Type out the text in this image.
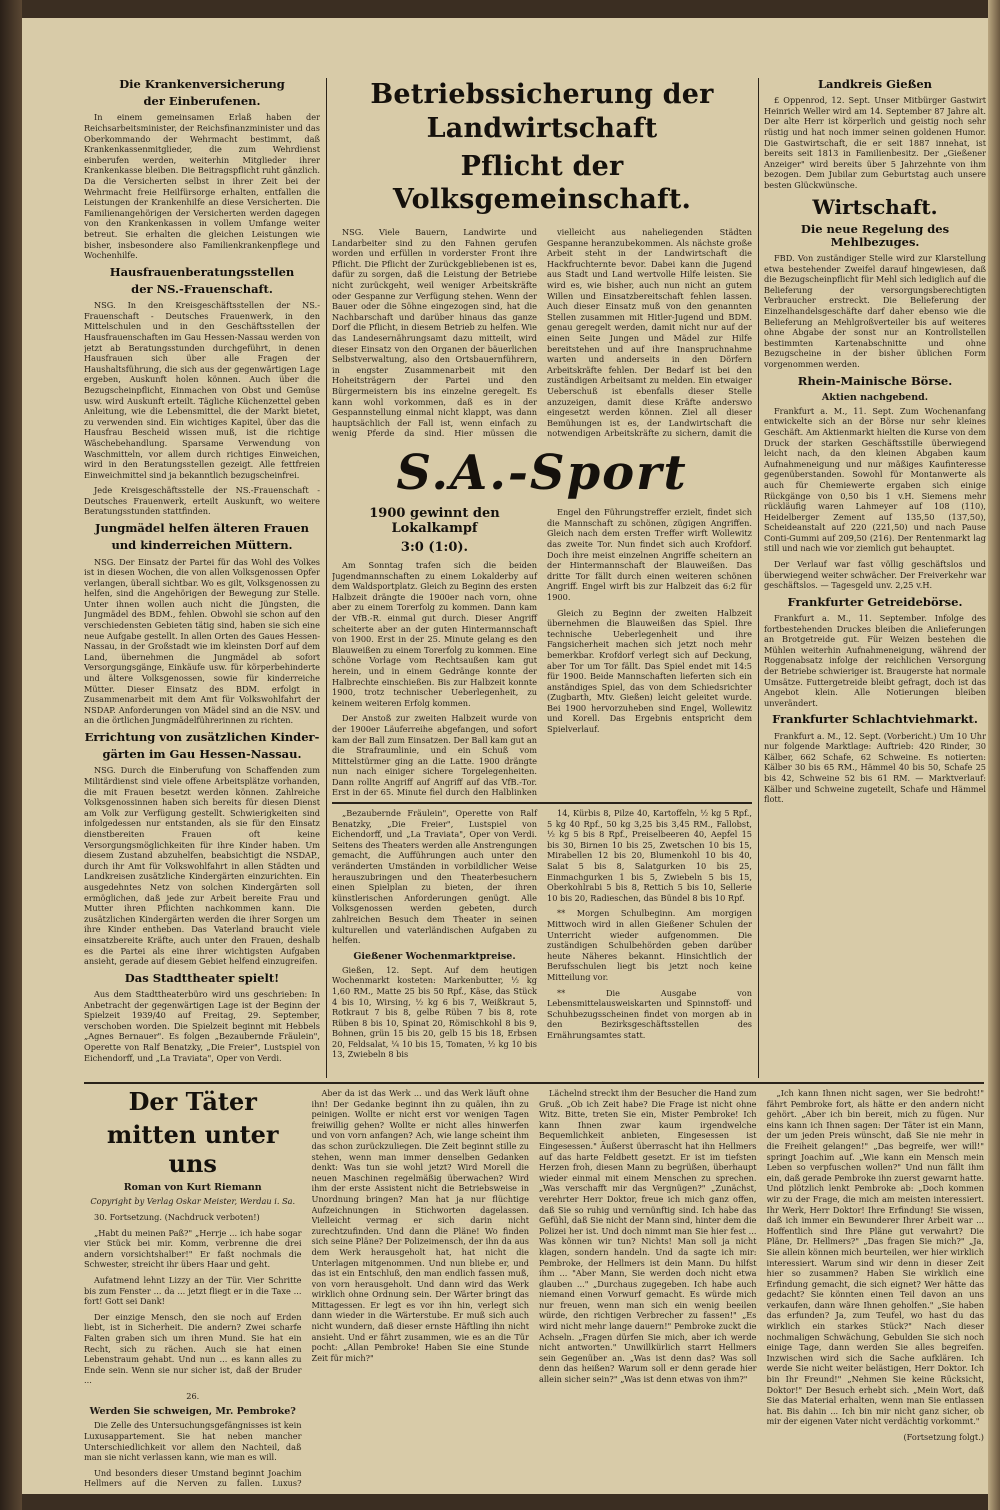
Die Krankenversicherung
der Einberufenen.

In einem gemeinsamen Erlaß haben der Reichsarbeitsminister, der Reichsfinanzminister und das Oberkommando der Wehrmacht bestimmt, daß Krankenkassenmitglieder, die zum Wehrdienst einberufen werden, weiterhin Mitglieder ihrer Krankenkasse bleiben. Die Beitragspflicht ruht gänzlich. Da die Versicherten selbst in ihrer Zeit bei der Wehrmacht freie Heilfürsorge erhalten, entfallen die Leistungen der Krankenhilfe an diese Versicherten. Die Familienangehörigen der Versicherten werden dagegen von den Krankenkassen in vollem Umfange weiter betreut. Sie erhalten die gleichen Leistungen wie bisher, insbesondere also Familienkrankenpflege und Wochenhilfe.

Hausfrauenberatungsstellen
der NS.-Frauenschaft.

NSG. In den Kreisgeschäftsstellen der NS.-Frauenschaft - Deutsches Frauenwerk, in den Mittelschulen und in den Geschäftsstellen der Hausfrauenschaften im Gau Hessen-Nassau werden von jetzt ab Beratungsstunden durchgeführt, in denen Hausfrauen sich über alle Fragen der Haushaltsführung, die sich aus der gegenwärtigen Lage ergeben, Auskunft holen können. Auch über die Bezugscheinpflicht, Einmachen von Obst und Gemüse usw. wird Auskunft erteilt. Tägliche Küchenzettel geben Anleitung, wie die Lebensmittel, die der Markt bietet, zu verwenden sind. Ein wichtiges Kapitel, über das die Hausfrau Bescheid wissen muß, ist die richtige Wäschebehandlung. Sparsame Verwendung von Waschmitteln, vor allem durch richtiges Einweichen, wird in den Beratungsstellen gezeigt. Alle fettfreien Einweichmittel sind ja bekanntlich bezugscheinfrei.

Jede Kreisgeschäftsstelle der NS.-Frauenschaft - Deutsches Frauenwerk, erteilt Auskunft, wo weitere Beratungsstunden stattfinden.

Jungmädel helfen älteren Frauen
und kinderreichen Müttern.

NSG. Der Einsatz der Partei für das Wohl des Volkes ist in diesen Wochen, die von allen Volksgenossen Opfer verlangen, überall sichtbar. Wo es gilt, Volksgenossen zu helfen, sind die Angehörigen der Bewegung zur Stelle. Unter ihnen wollen auch nicht die Jüngsten, die Jungmädel des BDM., fehlen. Obwohl sie schon auf den verschiedensten Gebieten tätig sind, haben sie sich eine neue Aufgabe gestellt. In allen Orten des Gaues Hessen-Nassau, in der Großstadt wie im kleinsten Dorf auf dem Land, übernehmen die Jungmädel ab sofort Versorgungsgänge, Einkäufe usw. für körperbehinderte und ältere Volksgenossen, sowie für kinderreiche Mütter. Dieser Einsatz des BDM. erfolgt in Zusammenarbeit mit dem Amt für Volkswohlfahrt der NSDAP. Anforderungen von Mädel sind an die NSV. und an die örtlichen Jungmädelführerinnen zu richten.

Errichtung von zusätzlichen Kinder-
gärten im Gau Hessen-Nassau.

NSG. Durch die Einberufung von Schaffenden zum Militärdienst sind viele offene Arbeitsplätze vorhanden, die mit Frauen besetzt werden können. Zahlreiche Volksgenossinnen haben sich bereits für diesen Dienst am Volk zur Verfügung gestellt. Schwierigkeiten sind infolgedessen nur entstanden, als sie für den Einsatz dienstbereiten Frauen oft keine Versorgungsmöglichkeiten für ihre Kinder haben. Um diesem Zustand abzuhelfen, beabsichtigt die NSDAP., durch ihr Amt für Volkswohlfahrt in allen Städten und Landkreisen zusätzliche Kindergärten einzurichten. Ein ausgedehntes Netz von solchen Kindergärten soll ermöglichen, daß jede zur Arbeit bereite Frau und Mutter ihren Pflichten nachkommen kann. Die zusätzlichen Kindergärten werden die ihrer Sorgen um ihre Kinder entheben. Das Vaterland braucht viele einsatzbereite Kräfte, auch unter den Frauen, deshalb es die Partei als eine ihrer wichtigsten Aufgaben ansieht, gerade auf diesem Gebiet helfend einzugreifen.

Das Stadttheater spielt!

Aus dem Stadttheaterbüro wird uns geschrieben: In Anbetracht der gegenwärtigen Lage ist der Beginn der Spielzeit 1939/40 auf Freitag, 29. September, verschoben worden. Die Spielzeit beginnt mit Hebbels „Agnes Bernauer". Es folgen „Bezaubernde Fräulein", Operette von Ralf Benatzky, „Die Freier", Lustspiel von Eichendorff, und „La Traviata", Oper von Verdi.

Betriebssicherung der Landwirtschaft
Pflicht der Volksgemeinschaft.

NSG. Viele Bauern, Landwirte und Landarbeiter sind zu den Fahnen gerufen worden und erfüllen in vorderster Front ihre Pflicht. Die Pflicht der Zurückgebliebenen ist es, dafür zu sorgen, daß die Leistung der Betriebe nicht zurückgeht, weil weniger Arbeitskräfte oder Gespanne zur Verfügung stehen. Wenn der Bauer oder die Söhne eingezogen sind, hat die Nachbarschaft und darüber hinaus das ganze Dorf die Pflicht, in diesem Betrieb zu helfen. Wie das Landesernährungsamt dazu mitteilt, wird dieser Einsatz von den Organen der bäuerlichen Selbstverwaltung, also den Ortsbauernführern, in engster Zusammenarbeit mit den Hoheitsträgern der Partei und den Bürgermeistern bis ins einzelne geregelt. Es kann wohl vorkommen, daß es in der Gespannstellung einmal nicht klappt, was dann hauptsächlich der Fall ist, wenn einfach zu wenig Pferde da sind. Hier müssen die

vielleicht aus naheliegenden Städten Gespanne heranzubekommen. Als nächste große Arbeit steht in der Landwirtschaft die Hackfruchternte bevor. Dabei kann die Jugend aus Stadt und Land wertvolle Hilfe leisten. Sie wird es, wie bisher, auch nun nicht an gutem Willen und Einsatzbereitschaft fehlen lassen. Auch dieser Einsatz muß von den genannten Stellen zusammen mit Hitler-Jugend und BDM. genau geregelt werden, damit nicht nur auf der einen Seite Jungen und Mädel zur Hilfe bereitstehen und auf ihre Inanspruchnahme warten und anderseits in den Dörfern Arbeitskräfte fehlen. Der Bedarf ist bei den zuständigen Arbeitsamt zu melden. Ein etwaiger Ueberschuß ist ebenfalls dieser Stelle anzuzeigen, damit diese Kräfte anderswo eingesetzt werden können. Ziel all dieser Bemühungen ist es, der Landwirtschaft die notwendigen Arbeitskräfte zu sichern, damit die

S.A.-Sport
1900 gewinnt den Lokalkampf
3:0 (1:0).

Am Sonntag trafen sich die beiden Jugendmannschaften zu einem Lokalderby auf dem Waldsportplatz. Gleich zu Beginn des ersten Halbzeit drängte die 1900er nach vorn, ohne aber zu einem Torerfolg zu kommen. Dann kam der VfB.-R. einmal gut durch. Dieser Angriff scheiterte aber an der guten Hintermannschaft von 1900. Erst in der 25. Minute gelang es den Blauweißen zu einem Torerfolg zu kommen. Eine schöne Vorlage vom Rechtsaußen kam gut herein, und in einem Gedränge konnte der Halbrechte einschießen. Bis zur Halbzeit konnte 1900, trotz technischer Ueberlegenheit, zu keinem weiteren Erfolg kommen.

Der Anstoß zur zweiten Halbzeit wurde von der 1900er Läuferreihe abgefangen, und sofort kam der Ball zum Einsatzen. Der Ball kam gut an die Strafraumlinie, und ein Schuß vom Mittelstürmer ging an die Latte. 1900 drängte nun nach einiger sichere Torgelegenheiten. Dann rollte Angriff auf Angriff auf das VfB.-Tor. Erst in der 65. Minute fiel durch den Halblinken

Engel den Führungstreffer erzielt, findet sich die Mannschaft zu schönen, zügigen Angriffen. Gleich nach dem ersten Treffer wirft Wollewitz das zweite Tor. Nun findet sich auch Krofdorf. Doch ihre meist einzelnen Angriffe scheitern an der Hintermannschaft der Blauweißen. Das dritte Tor fällt durch einen weiteren schönen Angriff. Engel wirft bis zur Halbzeit das 6:2 für 1900.

Gleich zu Beginn der zweiten Halbzeit übernehmen die Blauweißen das Spiel. Ihre technische Ueberlegenheit und ihre Fangsicherheit machen sich jetzt noch mehr bemerkbar. Krofdorf verlegt sich auf Deckung, aber Tor um Tor fällt. Das Spiel endet mit 14:5 für 1900. Beide Mannschaften lieferten sich ein anständiges Spiel, das von dem Schiedsrichter (Zugbarth, Mtv. Gießen) leicht geleitet wurde. Bei 1900 hervorzuheben sind Engel, Wollewitz und Korell. Das Ergebnis entspricht dem Spielverlauf.

„Bezaubernde Fräulein", Operette von Ralf Benatzky, „Die Freier", Lustspiel von Eichendorff, und „La Traviata", Oper von Verdi. Seitens des Theaters werden alle Anstrengungen gemacht, die Aufführungen auch unter den veränderten Umständen in vorbildlicher Weise herauszubringen und den Theaterbesuchern einen Spielplan zu bieten, der ihren künstlerischen Anforderungen genügt. Alle Volksgenossen werden gebeten, durch zahlreichen Besuch dem Theater in seinen kulturellen und vaterländischen Aufgaben zu helfen.

Gießener Wochenmarktpreise.

Gießen, 12. Sept. Auf dem heutigen Wochenmarkt kosteten: Markenbutter, ½ kg 1,60 RM., Matte 25 bis 50 Rpf., Käse, das Stück 4 bis 10, Wirsing, ½ kg 6 bis 7, Weißkraut 5, Rotkraut 7 bis 8, gelbe Rüben 7 bis 8, rote Rüben 8 bis 10, Spinat 20, Römischkohl 8 bis 9, Bohnen, grün 15 bis 20, gelb 15 bis 18, Erbsen 20, Feldsalat, ¼ 10 bis 15, Tomaten, ½ kg 10 bis 13, Zwiebeln 8 bis

14, Kürbis 8, Pilze 40, Kartoffeln, ½ kg 5 Rpf., 5 kg 40 Rpf., 50 kg 3,25 bis 3,45 RM., Fallobst, ½ kg 5 bis 8 Rpf., Preiselbeeren 40, Aepfel 15 bis 30, Birnen 10 bis 25, Zwetschen 10 bis 15, Mirabellen 12 bis 20, Blumenkohl 10 bis 40, Salat 5 bis 8, Salatgurken 10 bis 25, Einmachgurken 1 bis 5, Zwiebeln 5 bis 15, Oberkohlrabi 5 bis 8, Rettich 5 bis 10, Sellerie 10 bis 20, Radieschen, das Bündel 8 bis 10 Rpf.

** Morgen Schulbeginn. Am morgigen Mittwoch wird in allen Gießener Schulen der Unterricht wieder aufgenommen. Die zuständigen Schulbehörden geben darüber heute Näheres bekannt. Hinsichtlich der Berufsschulen liegt bis jetzt noch keine Mitteilung vor.

** Die Ausgabe von Lebensmittelausweiskarten und Spinnstoff- und Schuhbezugsscheinen findet von morgen ab in den Bezirksgeschäftsstellen des Ernährungsamtes statt.

Landkreis Gießen

£ Oppenrod, 12. Sept. Unser Mitbürger Gastwirt Heinrich Weller wird am 14. September 87 Jahre alt. Der alte Herr ist körperlich und geistig noch sehr rüstig und hat noch immer seinen goldenen Humor. Die Gastwirtschaft, die er seit 1887 innehat, ist bereits seit 1813 in Familienbesitz. Der „Gießener Anzeiger" wird bereits über 5 Jahrzehnte von ihm bezogen. Dem Jubilar zum Geburtstag auch unsere besten Glückwünsche.

Wirtschaft.
Die neue Regelung des Mehlbezuges.

FBD. Von zuständiger Stelle wird zur Klarstellung etwa bestehender Zweifel darauf hingewiesen, daß die Bezugscheinpflicht für Mehl sich lediglich auf die Belieferung der versorgungsberechtigten Verbraucher erstreckt. Die Belieferung der Einzelhandelsgeschäfte darf daher ebenso wie die Belieferung an Mehlgroßverteiler bis auf weiteres ohne Abgabe der sonst nur an Kontrollstellen bestimmten Kartenabschnitte und ohne Bezugscheine in der bisher üblichen Form vorgenommen werden.

Rhein-Mainische Börse.
Aktien nachgebend.

Frankfurt a. M., 11. Sept. Zum Wochenanfang entwickelte sich an der Börse nur sehr kleines Geschäft. Am Aktienmarkt hielten die Kurse von dem Druck der starken Geschäftsstille überwiegend leicht nach, da den kleinen Abgaben kaum Aufnahmeneigung und nur mäßiges Kaufinteresse gegenüberstanden. Sowohl für Montanwerte als auch für Chemiewerte ergaben sich einige Rückgänge von 0,50 bis 1 v.H. Siemens mehr rückläufig waren Lahmeyer auf 108 (110), Heidelberger Zement auf 135,50 (137,50), Scheideanstalt auf 220 (221,50) und nach Pause Conti-Gummi auf 209,50 (216). Der Rentenmarkt lag still und nach wie vor ziemlich gut behauptet.

Der Verlauf war fast völlig geschäftslos und überwiegend weiter schwächer. Der Freiverkehr war geschäftslos. — Tagesgeld unv. 2,25 v.H.

Frankfurter Getreidebörse.

Frankfurt a. M., 11. September. Infolge des fortbestehenden Druckes bleiben die Anlieferungen an Brotgetreide gut. Für Weizen bestehen die Mühlen weiterhin Aufnahmeneigung, während der Roggenabsatz infolge der reichlichen Versorgung der Betriebe schwieriger ist. Braugerste hat normale Umsätze. Futtergetreide bleibt gefragt, doch ist das Angebot klein. Alle Notierungen bleiben unverändert.

Frankfurter Schlachtviehmarkt.

Frankfurt a. M., 12. Sept. (Vorbericht.) Um 10 Uhr nur folgende Marktlage: Auftrieb: 420 Rinder, 30 Kälber, 662 Schafe, 62 Schweine. Es notierten: Kälber 30 bis 65 RM., Hämmel 40 bis 50, Schafe 25 bis 42, Schweine 52 bis 61 RM. — Marktverlauf: Kälber und Schweine zugeteilt, Schafe und Hämmel flott.

Der Täter
mitten unter uns
Roman von Kurt Riemann

Copyright by Verlag Oskar Meister, Werdau i. Sa.

30. Fortsetzung. (Nachdruck verboten!)

„Habt du meinen Paß?" „Herrje ... ich habe sogar vier Stück bei mir. Komm, verbrenne die drei andern vorsichtshalber!" Er faßt nochmals die Schwester, streicht ihr übers Haar und geht.

Aufatmend lehnt Lizzy an der Tür. Vier Schritte bis zum Fenster ... da ... jetzt fliegt er in die Taxe ... fort! Gott sei Dank!

Der einzige Mensch, den sie noch auf Erden liebt, ist in Sicherheit. Die andern? Zwei scharfe Falten graben sich um ihren Mund. Sie hat ein Recht, sich zu rächen. Auch sie hat einen Lebenstraum gehabt. Und nun ... es kann alles zu Ende sein. Wenn sie nur sicher ist, daß der Bruder ...

26.

Werden Sie schweigen, Mr. Pembroke?

Die Zelle des Untersuchungsgefängnisses ist kein Luxusappartement. Sie hat neben mancher Unterschiedlichkeit vor allem den Nachteil, daß man sie nicht verlassen kann, wie man es will.

Und besonders dieser Umstand beginnt Joachim Hellmers auf die Nerven zu fallen. Luxus?

Aber da ist das Werk ... und das Werk läuft ohne ihn! Der Gedanke beginnt ihn zu quälen, ihn zu peinigen. Wollte er nicht erst vor wenigen Tagen freiwillig gehen? Wollte er nicht alles hinwerfen und von vorn anfangen? Ach, wie lange scheint ihm das schon zurückzuliegen. Die Zeit beginnt stille zu stehen, wenn man immer denselben Gedanken denkt: Was tun sie wohl jetzt? Wird Morell die neuen Maschinen regelmäßig überwachen? Wird ihm der erste Assistent nicht die Betriebsweise in Unordnung bringen? Man hat ja nur flüchtige Aufzeichnungen in Stichworten dagelassen. Vielleicht vermag er sich darin nicht zurechtzufinden. Und dann die Pläne! Wo finden sich seine Pläne? Der Polizeimensch, der ihn da aus dem Werk herausgeholt hat, hat nicht die Unterlagen mitgenommen. Und nun bliebe er, und das ist ein Entschluß, den man endlich fassen muß, von vorn herausgeholt. Und dann wird das Werk wirklich ohne Ordnung sein. Der Wärter bringt das Mittagessen. Er legt es vor ihn hin, verlegt sich dann wieder in die Wärterstube. Er muß sich auch nicht wundern, daß dieser ernste Häftling ihn nicht ansieht. Und er fährt zusammen, wie es an die Tür pocht: „Allan Pembroke! Haben Sie eine Stunde Zeit für mich?"

Lächelnd streckt ihm der Besucher die Hand zum Gruß. „Ob ich Zeit habe? Die Frage ist nicht ohne Witz. Bitte, treten Sie ein, Mister Pembroke! Ich kann Ihnen zwar kaum irgendwelche Bequemlichkeit anbieten, Eingesessen ist Eingesessen." Äußerst überrascht hat ihn Hellmers auf das harte Feldbett gesetzt. Er ist im tiefsten Herzen froh, diesen Mann zu begrüßen, überhaupt wieder einmal mit einem Menschen zu sprechen. „Was verschafft mir das Vergnügen?" „Zunächst, verehrter Herr Doktor, freue ich mich ganz offen, daß Sie so ruhig und vernünftig sind. Ich habe das Gefühl, daß Sie nicht der Mann sind, hinter dem die Polizei her ist. Und doch nimmt man Sie hier fest ... Was können wir tun? Nichts! Man soll ja nicht klagen, sondern handeln. Und da sagte ich mir: Pembroke, der Hellmers ist dein Mann. Du hilfst ihm ... "Aber Mann, Sie werden doch nicht etwa glauben ..." „Durchaus zugegeben. Ich habe auch niemand einen Vorwurf gemacht. Es würde mich nur freuen, wenn man sich ein wenig beeilen würde, den richtigen Verbrecher zu fassen!" „Es wird nicht mehr lange dauern!" Pembroke zuckt die Achseln. „Fragen dürfen Sie mich, aber ich werde nicht antworten." Unwillkürlich starrt Hellmers sein Gegenüber an. „Was ist denn das? Was soll denn das heißen? Warum soll er denn gerade hier allein sicher sein?" „Was ist denn etwas von ihm?"

„Ich kann Ihnen nicht sagen, wer Sie bedroht!" fährt Pembroke fort, als hätte er den andern nicht gehört. „Aber ich bin bereit, mich zu fügen. Nur eins kann ich Ihnen sagen: Der Täter ist ein Mann, der um jeden Preis wünscht, daß Sie nie mehr in die Freiheit gelangen!" „Das begreife, wer will!" springt Joachim auf. „Wie kann ein Mensch mein Leben so verpfuschen wollen?" Und nun fällt ihm ein, daß gerade Pembroke ihn zuerst gewarnt hatte. Und plötzlich lenkt Pembroke ab: „Doch kommen wir zu der Frage, die mich am meisten interessiert. Ihr Werk, Herr Doktor! Ihre Erfindung! Sie wissen, daß ich immer ein Bewunderer Ihrer Arbeit war ... Hoffentlich sind Ihre Pläne gut verwahrt? Die Pläne, Dr. Hellmers?" „Das fragen Sie mich?" „Ja, Sie allein können mich beurteilen, wer hier wirklich interessiert. Warum sind wir denn in dieser Zeit hier so zusammen? Haben Sie wirklich eine Erfindung gemacht, die sich eignet? Wer hätte das gedacht? Sie könnten einen Teil davon an uns verkaufen, dann wäre Ihnen geholfen." „Sie haben das erfunden? Ja, zum Teufel, wo hast du das wirklich ein starkes Stück?" Nach dieser nochmaligen Schwächung, Gebulden Sie sich noch einige Tage, dann werden Sie alles begreifen. Inzwischen wird sich die Sache aufklären. Ich werde Sie nicht weiter belästigen, Herr Doktor. Ich bin Ihr Freund!" „Nehmen Sie keine Rücksicht, Doktor!" Der Besuch erhebt sich. „Mein Wort, daß Sie das Material erhalten, wenn man Sie entlassen hat. Bis dahin ... Ich bin mir nicht ganz sicher, ob mir der eigenen Vater nicht verdächtig vorkommt."

(Fortsetzung folgt.)
